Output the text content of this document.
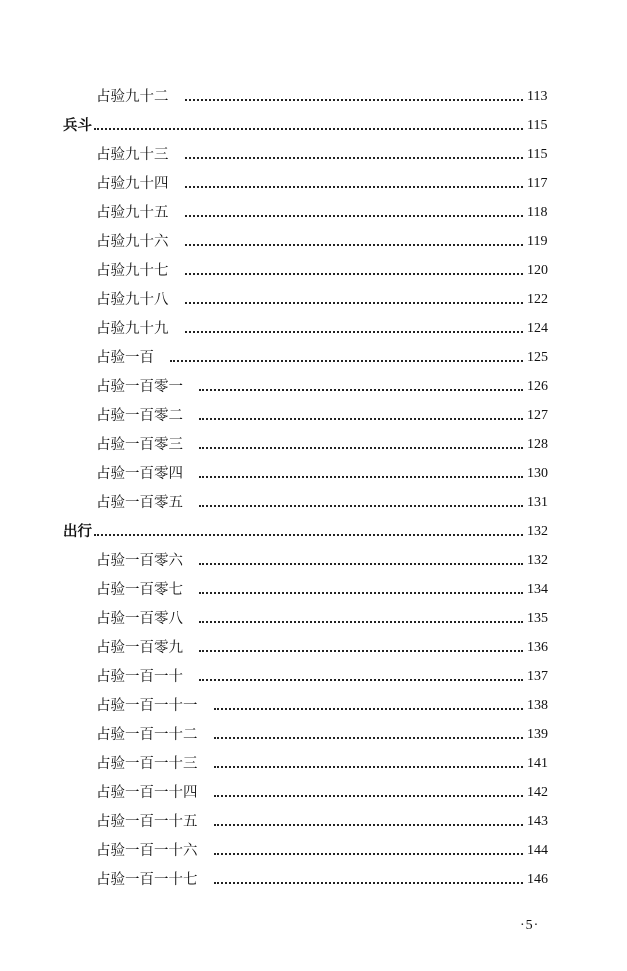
占验九十二	113
兵斗	115
占验九十三	115
占验九十四	117
占验九十五	118
占验九十六	119
占验九十七	120
占验九十八	122
占验九十九	124
占验一百	125
占验一百零一	126
占验一百零二	127
占验一百零三	128
占验一百零四	130
占验一百零五	131
出行	132
占验一百零六	132
占验一百零七	134
占验一百零八	135
占验一百零九	136
占验一百一十	137
占验一百一十一	138
占验一百一十二	139
占验一百一十三	141
占验一百一十四	142
占验一百一十五	143
占验一百一十六	144
占验一百一十七	146
·5·
